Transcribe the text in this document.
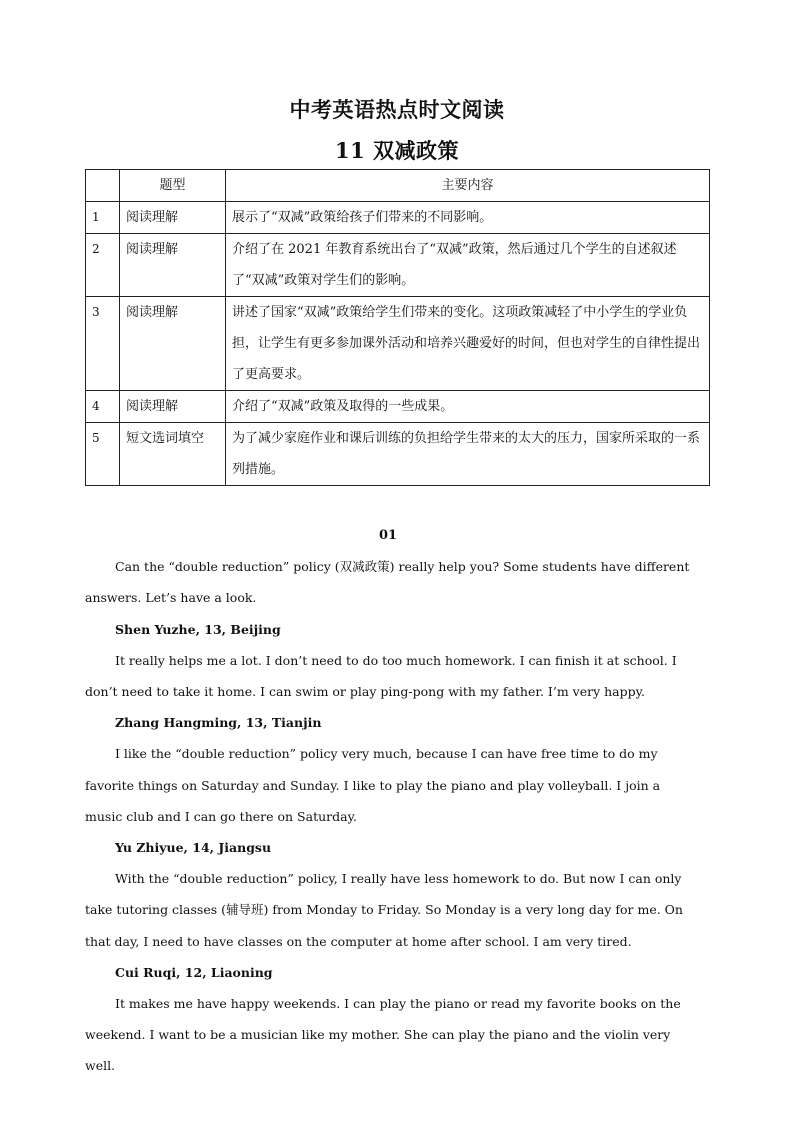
中考英语热点时文阅读
11 双减政策
	题型	主要内容
1	阅读理解	展示了“双减”政策给孩子们带来的不同影响。
2	阅读理解	介绍了在 2021 年教育系统出台了“双减”政策，然后通过几个学生的自述叙述了“双减”政策对学生们的影响。
3	阅读理解	讲述了国家“双减”政策给学生们带来的变化。这项政策减轻了中小学生的学业负担，让学生有更多参加课外活动和培养兴趣爱好的时间，但也对学生的自律性提出了更高要求。
4	阅读理解	介绍了“双减”政策及取得的一些成果。
5	短文选词填空	为了减少家庭作业和课后训练的负担给学生带来的太大的压力，国家所采取的一系列措施。

01

Can the “double reduction” policy (双减政策) really help you? Some students have different answers. Let’s have a look.

Shen Yuzhe, 13, Beijing

It really helps me a lot. I don’t need to do too much homework. I can finish it at school. I don’t need to take it home. I can swim or play ping-pong with my father. I’m very happy.

Zhang Hangming, 13, Tianjin

I like the “double reduction” policy very much, because I can have free time to do my favorite things on Saturday and Sunday. I like to play the piano and play volleyball. I join a music club and I can go there on Saturday.

Yu Zhiyue, 14, Jiangsu

With the “double reduction” policy, I really have less homework to do. But now I can only take tutoring classes (辅导班) from Monday to Friday. So Monday is a very long day for me. On that day, I need to have classes on the computer at home after school. I am very tired.

Cui Ruqi, 12, Liaoning

It makes me have happy weekends. I can play the piano or read my favorite books on the weekend. I want to be a musician like my mother. She can play the piano and the violin very well.
